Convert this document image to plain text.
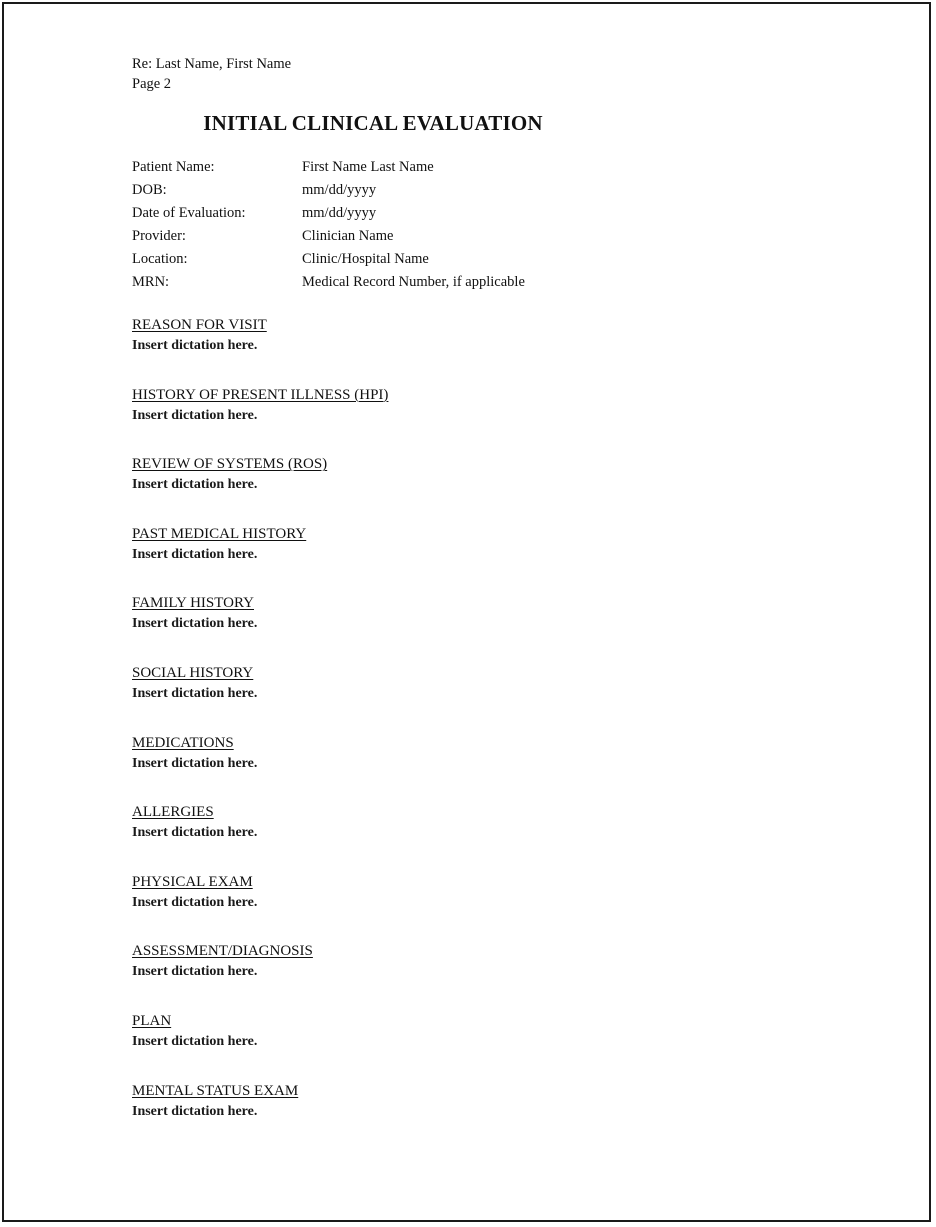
Re: Last Name, First Name

Page 2

INITIAL CLINICAL EVALUATION
Patient Name:	First Name Last Name
DOB:	mm/dd/yyyy
Date of Evaluation:	mm/dd/yyyy
Provider:	Clinician Name
Location:	Clinic/Hospital Name
MRN:	Medical Record Number, if applicable

REASON FOR VISIT

Insert dictation here.

HISTORY OF PRESENT ILLNESS (HPI)

Insert dictation here.

REVIEW OF SYSTEMS (ROS)

Insert dictation here.

PAST MEDICAL HISTORY

Insert dictation here.

FAMILY HISTORY

Insert dictation here.

SOCIAL HISTORY

Insert dictation here.

MEDICATIONS

Insert dictation here.

ALLERGIES

Insert dictation here.

PHYSICAL EXAM

Insert dictation here.

ASSESSMENT/DIAGNOSIS

Insert dictation here.

PLAN

Insert dictation here.

MENTAL STATUS EXAM

Insert dictation here.
